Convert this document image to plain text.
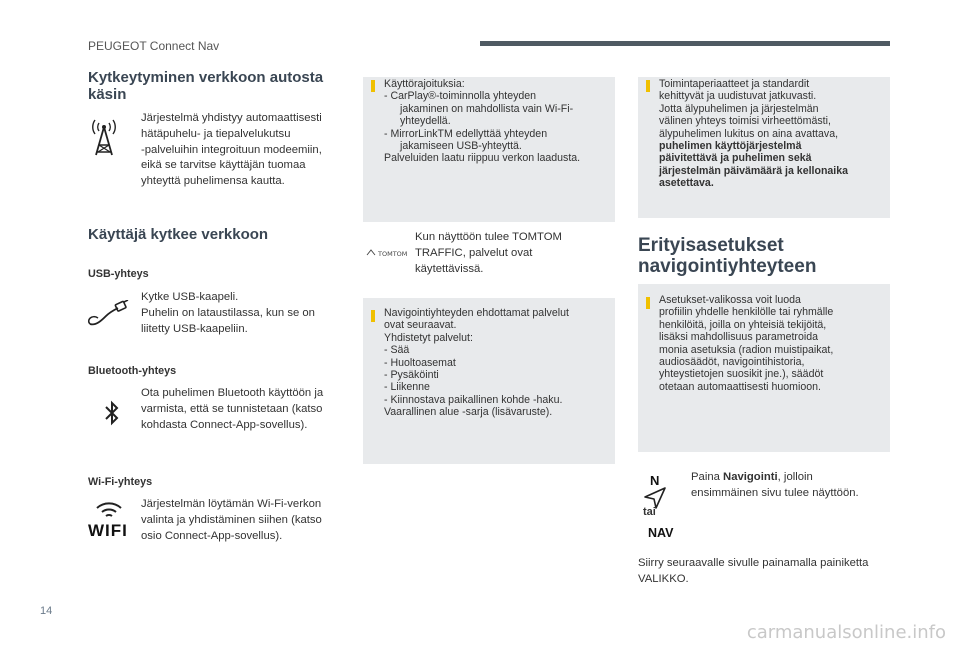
PEUGEOT Connect Nav
Kytkeytyminen verkkoon autosta
käsin
Järjestelmä yhdistyy automaattisesti
hätäpuhelu- ja tiepalvelukutsu
-palveluihin integroituun modeemiin,
eikä se tarvitse käyttäjän tuomaa
yhteyttä puhelimensa kautta.
Käyttäjä kytkee verkkoon
USB-yhteys
Kytke USB-kaapeli.
Puhelin on lataustilassa, kun se on
liitetty USB-kaapeliin.
Bluetooth-yhteys
Ota puhelimen Bluetooth käyttöön ja
varmista, että se tunnistetaan (katso
kohdasta Connect-App-sovellus).
Wi-Fi-yhteys
WIFI
Järjestelmän löytämän Wi-Fi-verkon
valinta ja yhdistäminen siihen (katso
osio Connect-App-sovellus).
Käyttörajoituksia:
- CarPlay®-toiminnolla yhteyden
jakaminen on mahdollista vain Wi-Fi-
yhteydellä.
- MirrorLinkTM edellyttää yhteyden
jakamiseen USB-yhteyttä.
Palveluiden laatu riippuu verkon laadusta.
TOMTOM
Kun näyttöön tulee TOMTOM
TRAFFIC, palvelut ovat
käytettävissä.
Navigointiyhteyden ehdottamat palvelut
ovat seuraavat.
Yhdistetyt palvelut:
- Sää
- Huoltoasemat
- Pysäköinti
- Liikenne
- Kiinnostava paikallinen kohde -haku.
Vaarallinen alue -sarja (lisävaruste).
Toimintaperiaatteet ja standardit
kehittyvät ja uudistuvat jatkuvasti.
Jotta älypuhelimen ja järjestelmän
välinen yhteys toimisi virheettömästi,
älypuhelimen lukitus on aina avattava,
puhelimen käyttöjärjestelmä
päivitettävä ja puhelimen sekä
järjestelmän päivämäärä ja kellonaika
asetettava.
Erityisasetukset
navigointiyhteyteen
Asetukset-valikossa voit luoda
profiilin yhdelle henkilölle tai ryhmälle
henkilöitä, joilla on yhteisiä tekijöitä,
lisäksi mahdollisuus parametroida
monia asetuksia (radion muistipaikat,
audiosäädöt, navigointihistoria,
yhteystietojen suosikit jne.), säädöt
otetaan automaattisesti huomioon.
N
tai
NAV
Paina Navigointi, jolloin
ensimmäinen sivu tulee näyttöön.
Siirry seuraavalle sivulle painamalla painiketta
VALIKKO.
14
carmanualsonline.info
